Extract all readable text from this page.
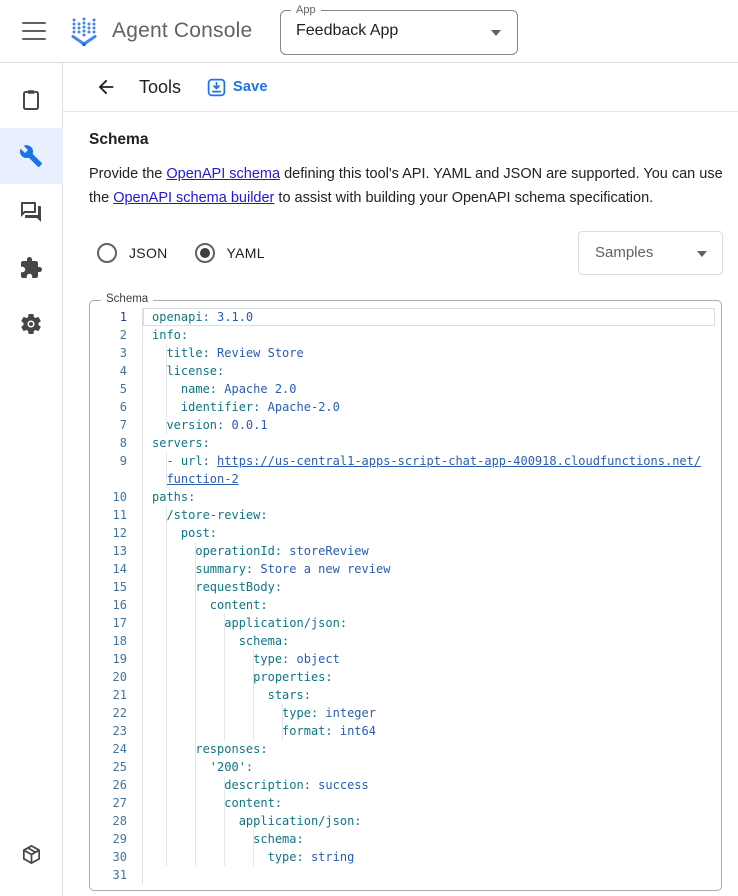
Agent Console
App
Feedback App
Tools	Save
Schema

Provide the OpenAPI schema defining this tool's API. YAML and JSON are supported. You can use the OpenAPI schema builder to assist with building your OpenAPI schema specification.

JSON	YAML	Samples
Schema
1	openapi: 3.1.0
2	info:
3	title: Review Store
4	license:
5	name: Apache 2.0
6	identifier: Apache-2.0
7	version: 0.0.1
8	servers:
9	- url: https://us-central1-apps-script-chat-app-400918.cloudfunctions.net/
function-2
10	paths:
11	/store-review:
12	post:
13	operationId: storeReview
14	summary: Store a new review
15	requestBody:
16	content:
17	application/json:
18	schema:
19	type: object
20	properties:
21	stars:
22	type: integer
23	format: int64
24	responses:
25	'200':
26	description: success
27	content:
28	application/json:
29	schema:
30	type: string
31
